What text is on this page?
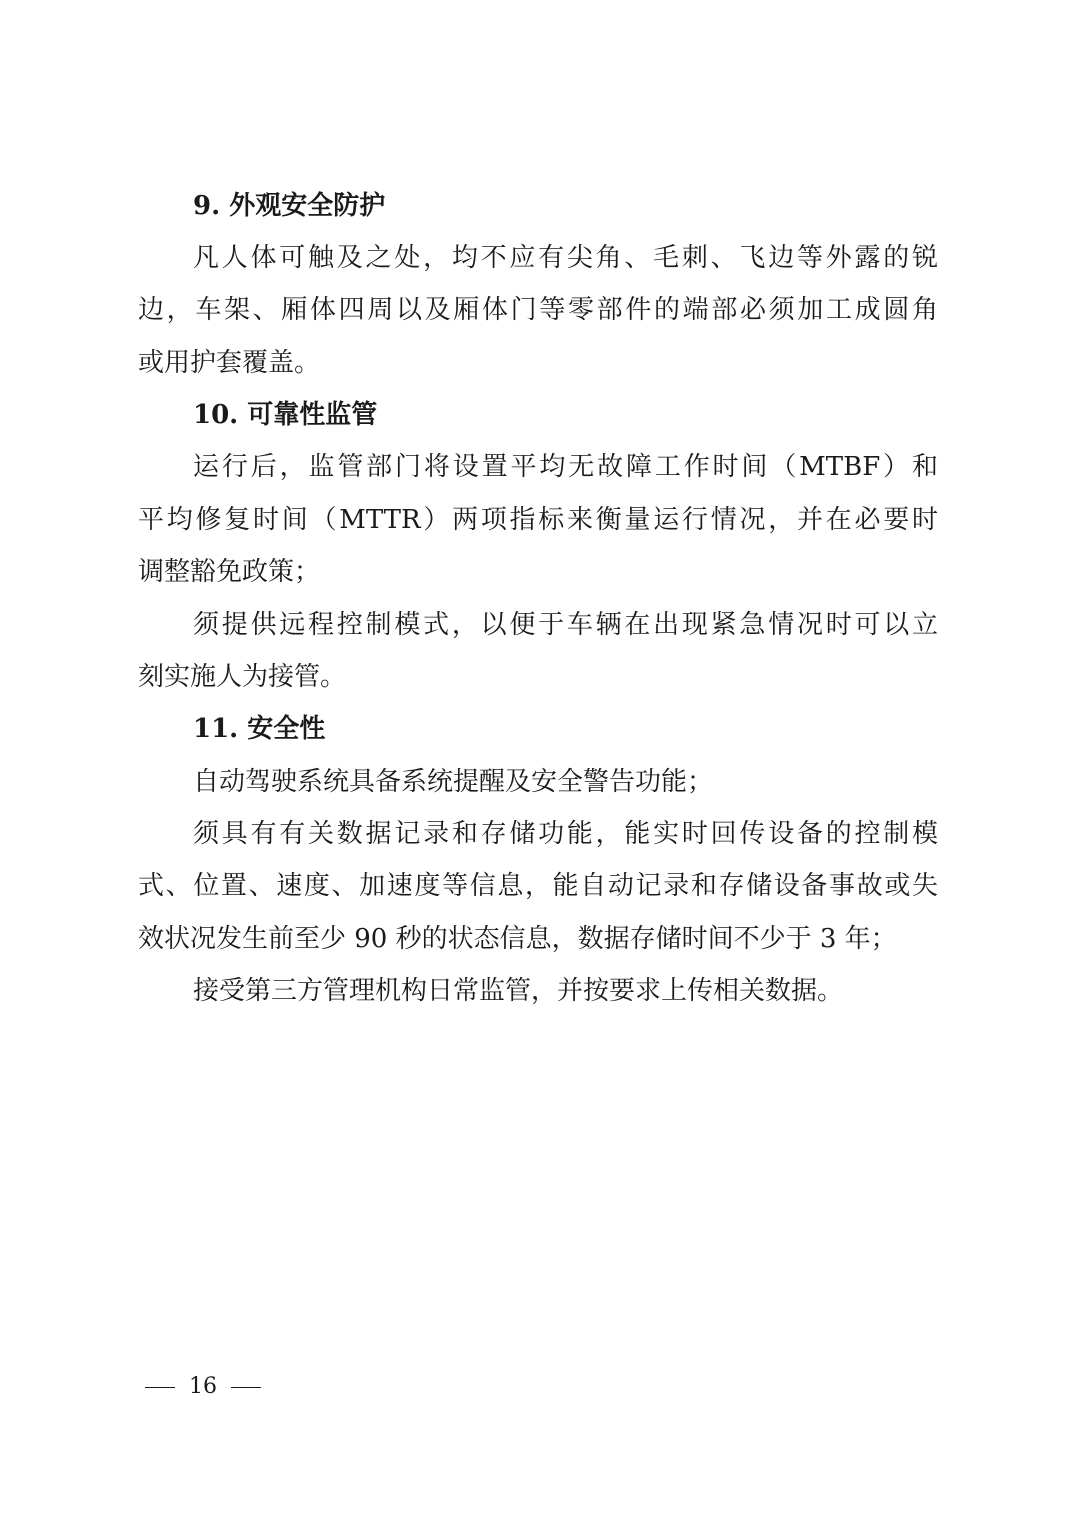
9. 外观安全防护
凡人体可触及之处，均不应有尖角、毛刺、飞边等外露的锐
边，车架、厢体四周以及厢体门等零部件的端部必须加工成圆角
或用护套覆盖。
10. 可靠性监管
运行后，监管部门将设置平均无故障工作时间（MTBF）和
平均修复时间（MTTR）两项指标来衡量运行情况，并在必要时
调整豁免政策；
须提供远程控制模式，以便于车辆在出现紧急情况时可以立
刻实施人为接管。
11. 安全性
自动驾驶系统具备系统提醒及安全警告功能；
须具有有关数据记录和存储功能，能实时回传设备的控制模
式、位置、速度、加速度等信息，能自动记录和存储设备事故或失
效状况发生前至少 90 秒的状态信息，数据存储时间不少于 3 年；
接受第三方管理机构日常监管，并按要求上传相关数据。
16
